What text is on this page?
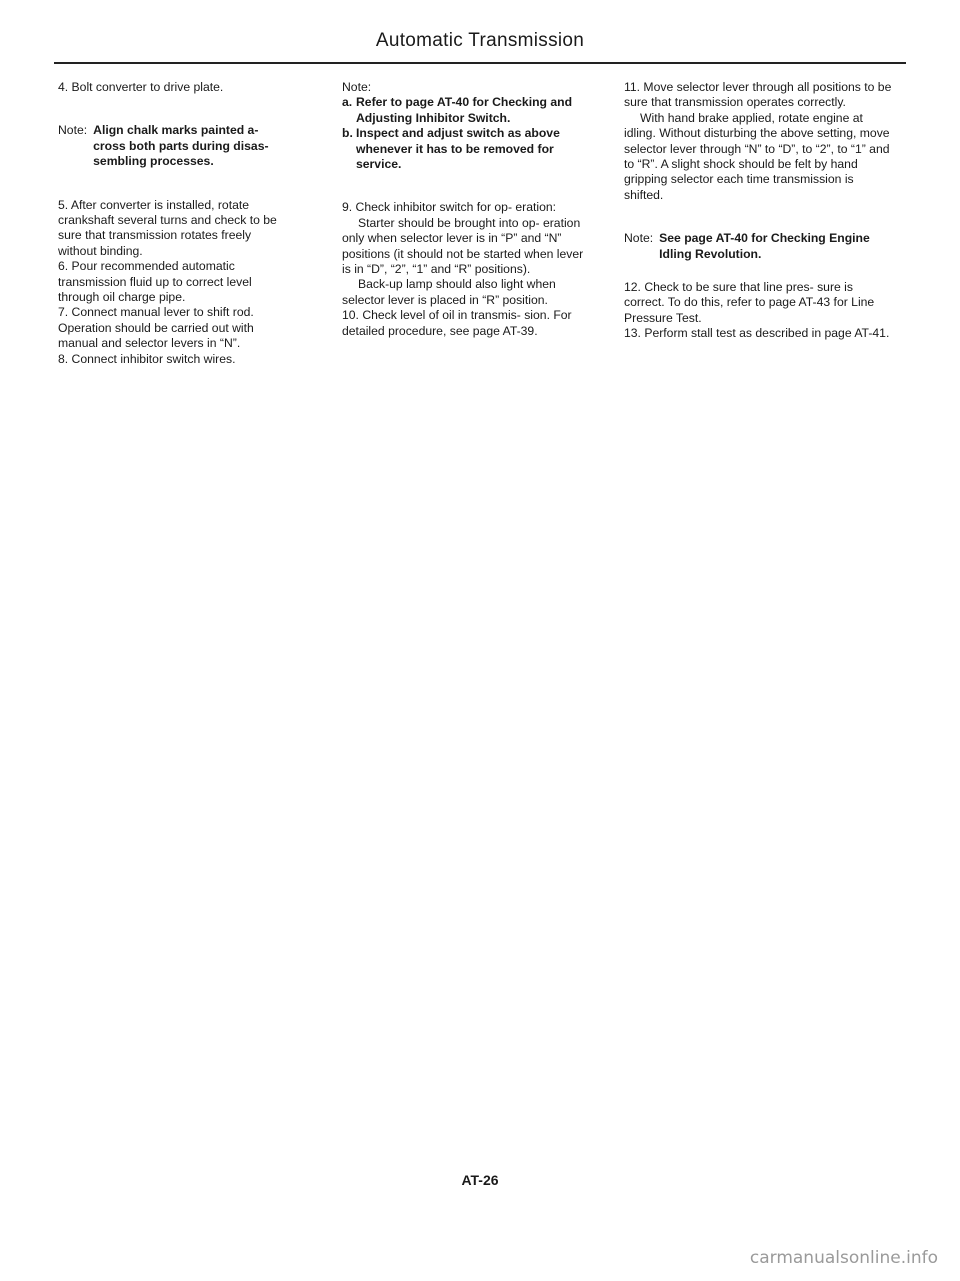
Automatic Transmission

4. Bolt converter to drive plate.

Note: Align chalk marks painted a- cross both parts during disas- sembling processes.

5. After converter is installed, rotate crankshaft several turns and check to be sure that transmission rotates freely without binding.

6. Pour recommended automatic transmission fluid up to correct level through oil charge pipe.

7. Connect manual lever to shift rod. Operation should be carried out with manual and selector levers in “N”.

8. Connect inhibitor switch wires.

Note:

a. Refer to page AT-40 for Checking and Adjusting Inhibitor Switch.
b. Inspect and adjust switch as above whenever it has to be removed for service.

9. Check inhibitor switch for op- eration:

Starter should be brought into op- eration only when selector lever is in “P” and “N” positions (it should not be started when lever is in “D”, “2”, “1” and “R” positions).

Back-up lamp should also light when selector lever is placed in “R” position.

10. Check level of oil in transmis- sion. For detailed procedure, see page AT-39.

11. Move selector lever through all positions to be sure that transmission operates correctly.

With hand brake applied, rotate engine at idling. Without disturbing the above setting, move selector lever through “N” to “D”, to “2”, to “1” and to “R”. A slight shock should be felt by hand gripping selector each time transmission is shifted.

Note: See page AT-40 for Checking Engine Idling Revolution.

12. Check to be sure that line pres- sure is correct. To do this, refer to page AT-43 for Line Pressure Test.

13. Perform stall test as described in page AT-41.

AT-26
carmanualsonline.info
